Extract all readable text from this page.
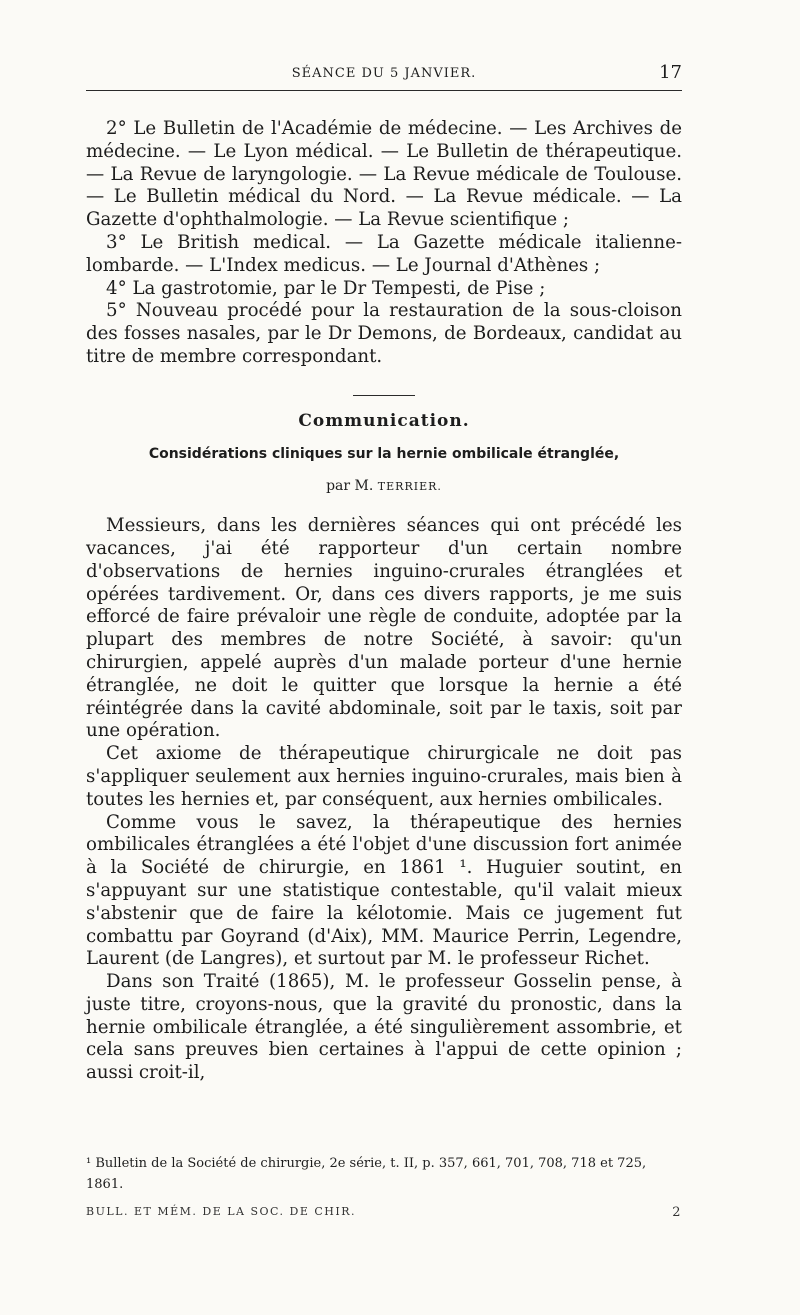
SÉANCE DU 5 JANVIER.	17

2° Le Bulletin de l'Académie de médecine. — Les Archives de médecine. — Le Lyon médical. — Le Bulletin de thérapeutique. — La Revue de laryngologie. — La Revue médicale de Toulouse. — Le Bulletin médical du Nord. — La Revue médicale. — La Gazette d'ophthalmologie. — La Revue scientifique ;

3° Le British medical. — La Gazette médicale italienne-lombarde. — L'Index medicus. — Le Journal d'Athènes ;

4° La gastrotomie, par le Dr Tempesti, de Pise ;

5° Nouveau procédé pour la restauration de la sous-cloison des fosses nasales, par le Dr Demons, de Bordeaux, candidat au titre de membre correspondant.

Communication.
Considérations cliniques sur la hernie ombilicale étranglée,
par M. TERRIER.

Messieurs, dans les dernières séances qui ont précédé les vacances, j'ai été rapporteur d'un certain nombre d'observations de hernies inguino-crurales étranglées et opérées tardivement. Or, dans ces divers rapports, je me suis efforcé de faire prévaloir une règle de conduite, adoptée par la plupart des membres de notre Société, à savoir: qu'un chirurgien, appelé auprès d'un malade porteur d'une hernie étranglée, ne doit le quitter que lorsque la hernie a été réintégrée dans la cavité abdominale, soit par le taxis, soit par une opération.

Cet axiome de thérapeutique chirurgicale ne doit pas s'appliquer seulement aux hernies inguino-crurales, mais bien à toutes les hernies et, par conséquent, aux hernies ombilicales.

Comme vous le savez, la thérapeutique des hernies ombilicales étranglées a été l'objet d'une discussion fort animée à la Société de chirurgie, en 1861 ¹. Huguier soutint, en s'appuyant sur une statistique contestable, qu'il valait mieux s'abstenir que de faire la kélotomie. Mais ce jugement fut combattu par Goyrand (d'Aix), MM. Maurice Perrin, Legendre, Laurent (de Langres), et surtout par M. le professeur Richet.

Dans son Traité (1865), M. le professeur Gosselin pense, à juste titre, croyons-nous, que la gravité du pronostic, dans la hernie ombilicale étranglée, a été singulièrement assombrie, et cela sans preuves bien certaines à l'appui de cette opinion ; aussi croit-il,

¹ Bulletin de la Société de chirurgie, 2e série, t. II, p. 357, 661, 701, 708, 718 et 725, 1861.
BULL. ET MÉM. DE LA SOC. DE CHIR.	2
